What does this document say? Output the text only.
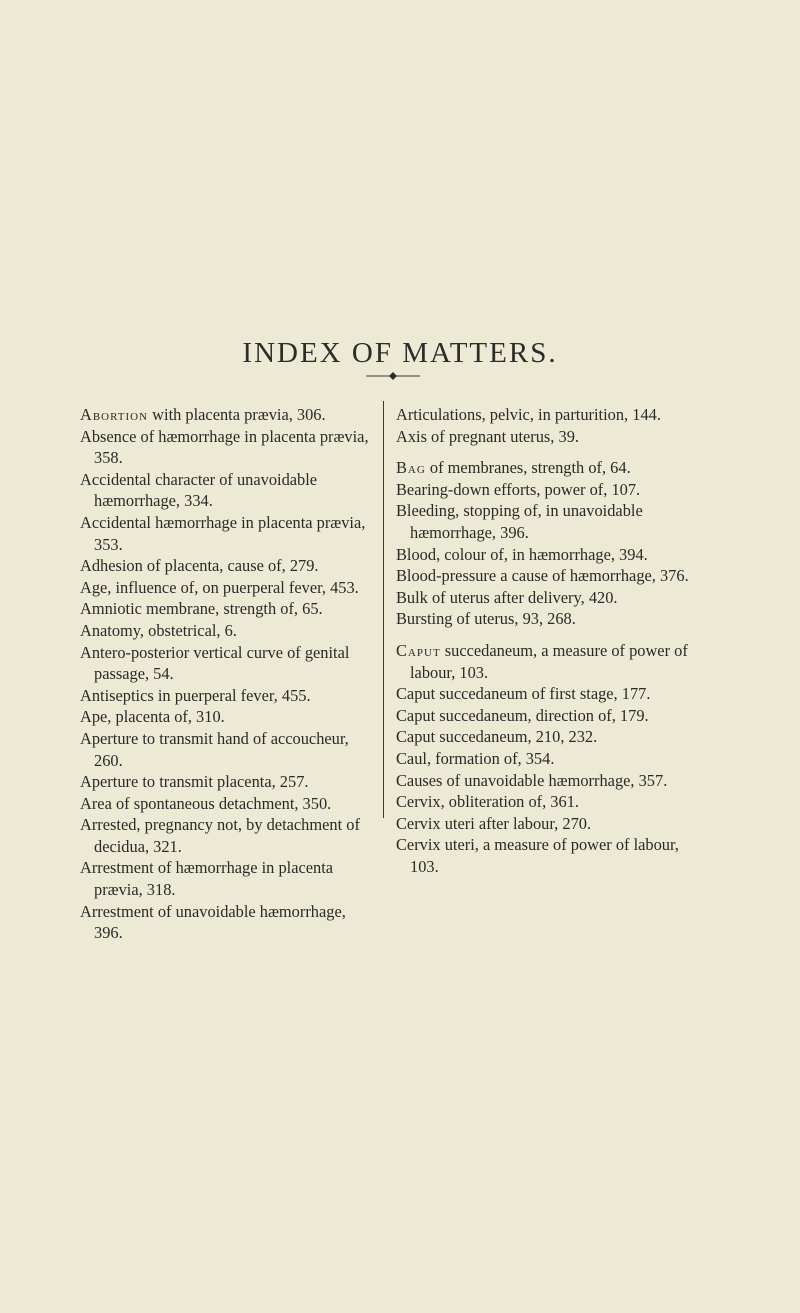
INDEX OF MATTERS.
Abortion with placenta prævia, 306.
Absence of hæmorrhage in placenta prævia, 358.
Accidental character of unavoidable hæmorrhage, 334.
Accidental hæmorrhage in placenta prævia, 353.
Adhesion of placenta, cause of, 279.
Age, influence of, on puerperal fever, 453.
Amniotic membrane, strength of, 65.
Anatomy, obstetrical, 6.
Antero-posterior vertical curve of genital passage, 54.
Antiseptics in puerperal fever, 455.
Ape, placenta of, 310.
Aperture to transmit hand of accoucheur, 260.
Aperture to transmit placenta, 257.
Area of spontaneous detachment, 350.
Arrested, pregnancy not, by detachment of decidua, 321.
Arrestment of hæmorrhage in placenta prævia, 318.
Arrestment of unavoidable hæmorrhage, 396.
Articulations, pelvic, in parturition, 144.
Axis of pregnant uterus, 39.
Bag of membranes, strength of, 64.
Bearing-down efforts, power of, 107.
Bleeding, stopping of, in unavoidable hæmorrhage, 396.
Blood, colour of, in hæmorrhage, 394.
Blood-pressure a cause of hæmorrhage, 376.
Bulk of uterus after delivery, 420.
Bursting of uterus, 93, 268.
Caput succedaneum, a measure of power of labour, 103.
Caput succedaneum of first stage, 177.
Caput succedaneum, direction of, 179.
Caput succedaneum, 210, 232.
Caul, formation of, 354.
Causes of unavoidable hæmorrhage, 357.
Cervix, obliteration of, 361.
Cervix uteri after labour, 270.
Cervix uteri, a measure of power of labour, 103.
